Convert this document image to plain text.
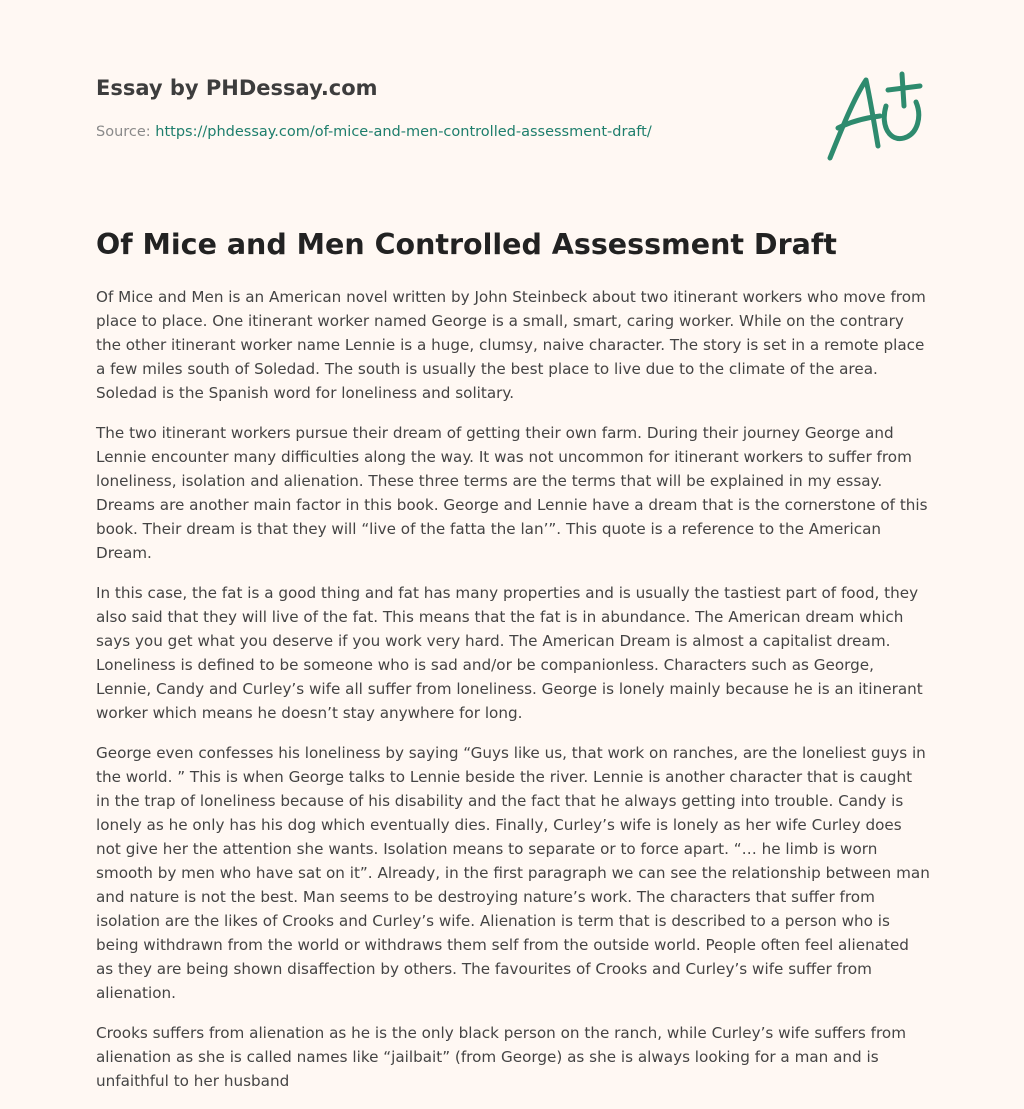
Essay by PHDessay.com
Source: https://phdessay.com/of-mice-and-men-controlled-assessment-draft/
Of Mice and Men Controlled Assessment Draft

Of Mice and Men is an American novel written by John Steinbeck about two itinerant workers who move from place to place. One itinerant worker named George is a small, smart, caring worker. While on the contrary the other itinerant worker name Lennie is a huge, clumsy, naive character. The story is set in a remote place a few miles south of Soledad. The south is usually the best place to live due to the climate of the area. Soledad is the Spanish word for loneliness and solitary.

The two itinerant workers pursue their dream of getting their own farm. During their journey George and Lennie encounter many difficulties along the way. It was not uncommon for itinerant workers to suffer from loneliness, isolation and alienation. These three terms are the terms that will be explained in my essay. Dreams are another main factor in this book. George and Lennie have a dream that is the cornerstone of this book. Their dream is that they will “live of the fatta the lan’”. This quote is a reference to the American Dream.

In this case, the fat is a good thing and fat has many properties and is usually the tastiest part of food, they also said that they will live of the fat. This means that the fat is in abundance. The American dream which says you get what you deserve if you work very hard. The American Dream is almost a capitalist dream. Loneliness is defined to be someone who is sad and/or be companionless. Characters such as George, Lennie, Candy and Curley’s wife all suffer from loneliness. George is lonely mainly because he is an itinerant worker which means he doesn’t stay anywhere for long.

George even confesses his loneliness by saying “Guys like us, that work on ranches, are the loneliest guys in the world. ” This is when George talks to Lennie beside the river. Lennie is another character that is caught in the trap of loneliness because of his disability and the fact that he always getting into trouble. Candy is lonely as he only has his dog which eventually dies. Finally, Curley’s wife is lonely as her wife Curley does not give her the attention she wants. Isolation means to separate or to force apart. “… he limb is worn smooth by men who have sat on it”. Already, in the first paragraph we can see the relationship between man and nature is not the best. Man seems to be destroying nature’s work. The characters that suffer from isolation are the likes of Crooks and Curley’s wife. Alienation is term that is described to a person who is being withdrawn from the world or withdraws them self from the outside world. People often feel alienated as they are being shown disaffection by others. The favourites of Crooks and Curley’s wife suffer from alienation.

Crooks suffers from alienation as he is the only black person on the ranch, while Curley’s wife suffers from alienation as she is called names like “jailbait” (from George) as she is always looking for a man and is unfaithful to her husband
